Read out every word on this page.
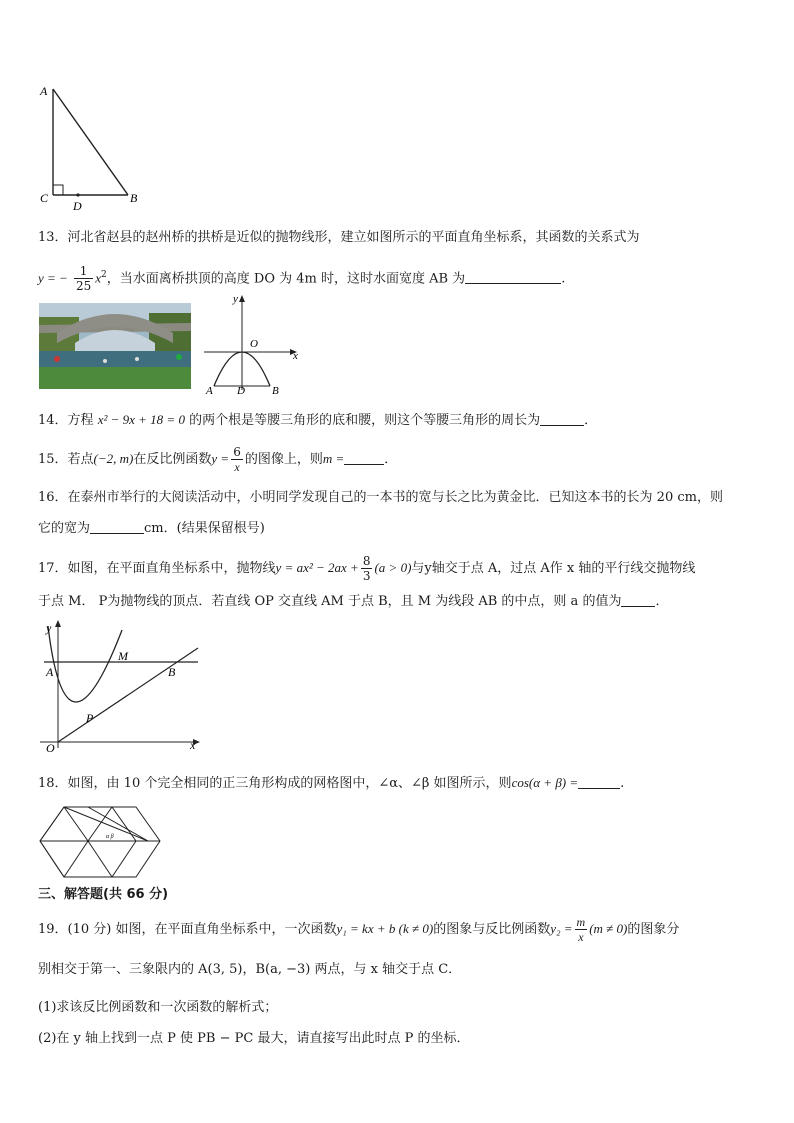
A
C
D
B
13．河北省赵县的赵州桥的拱桥是近似的抛物线形，建立如图所示的平面直角坐标系，其函数的关系式为
y = − $\frac{1}{25} x^2$，当水面离桥拱顶的高度 DO 为 4m 时，这时水面宽度 AB 为	.
y
x
O
A D B
14．方程 x² − 9x + 18 = 0 的两个根是等腰三角形的底和腰，则这个等腰三角形的周长为	．
15．若点(−2, m)在反比例函数$y = \frac{6}{x}$ 的图像上，则m =	．
16．在泰州市举行的大阅读活动中，小明同学发现自己的一本书的宽与长之比为黄金比．已知这本书的长为 20 cm，则
它的宽为	cm．(结果保留根号)
17．如图，在平面直角坐标系中，抛物线$y = ax^2 - 2ax + \frac{8}{3} (a > 0)$与y轴交于点 A，过点 A作 x 轴的平行线交抛物线
于点 M． P为抛物线的顶点．若直线 OP 交直线 AM 于点 B，且 M 为线段 AB 的中点，则 a 的值为	．
y
x
O
A
M
B
P
18．如图，由 10 个完全相同的正三角形构成的网格图中，∠α、∠β 如图所示，则cos(α + β) =	.
α β
三、解答题(共 66 分)
19．(10 分) 如图，在平面直角坐标系中，一次函数y₁ = kx + b (k ≠ 0)的图象与反比例函数$y_2 = \frac{m}{x} (m \ne 0)$的图象分
别相交于第一、三象限内的 A(3, 5)，B(a, −3) 两点，与 x 轴交于点 C．
(1)求该反比例函数和一次函数的解析式；
(2)在 y 轴上找到一点 P 使 PB − PC 最大，请直接写出此时点 P 的坐标．
